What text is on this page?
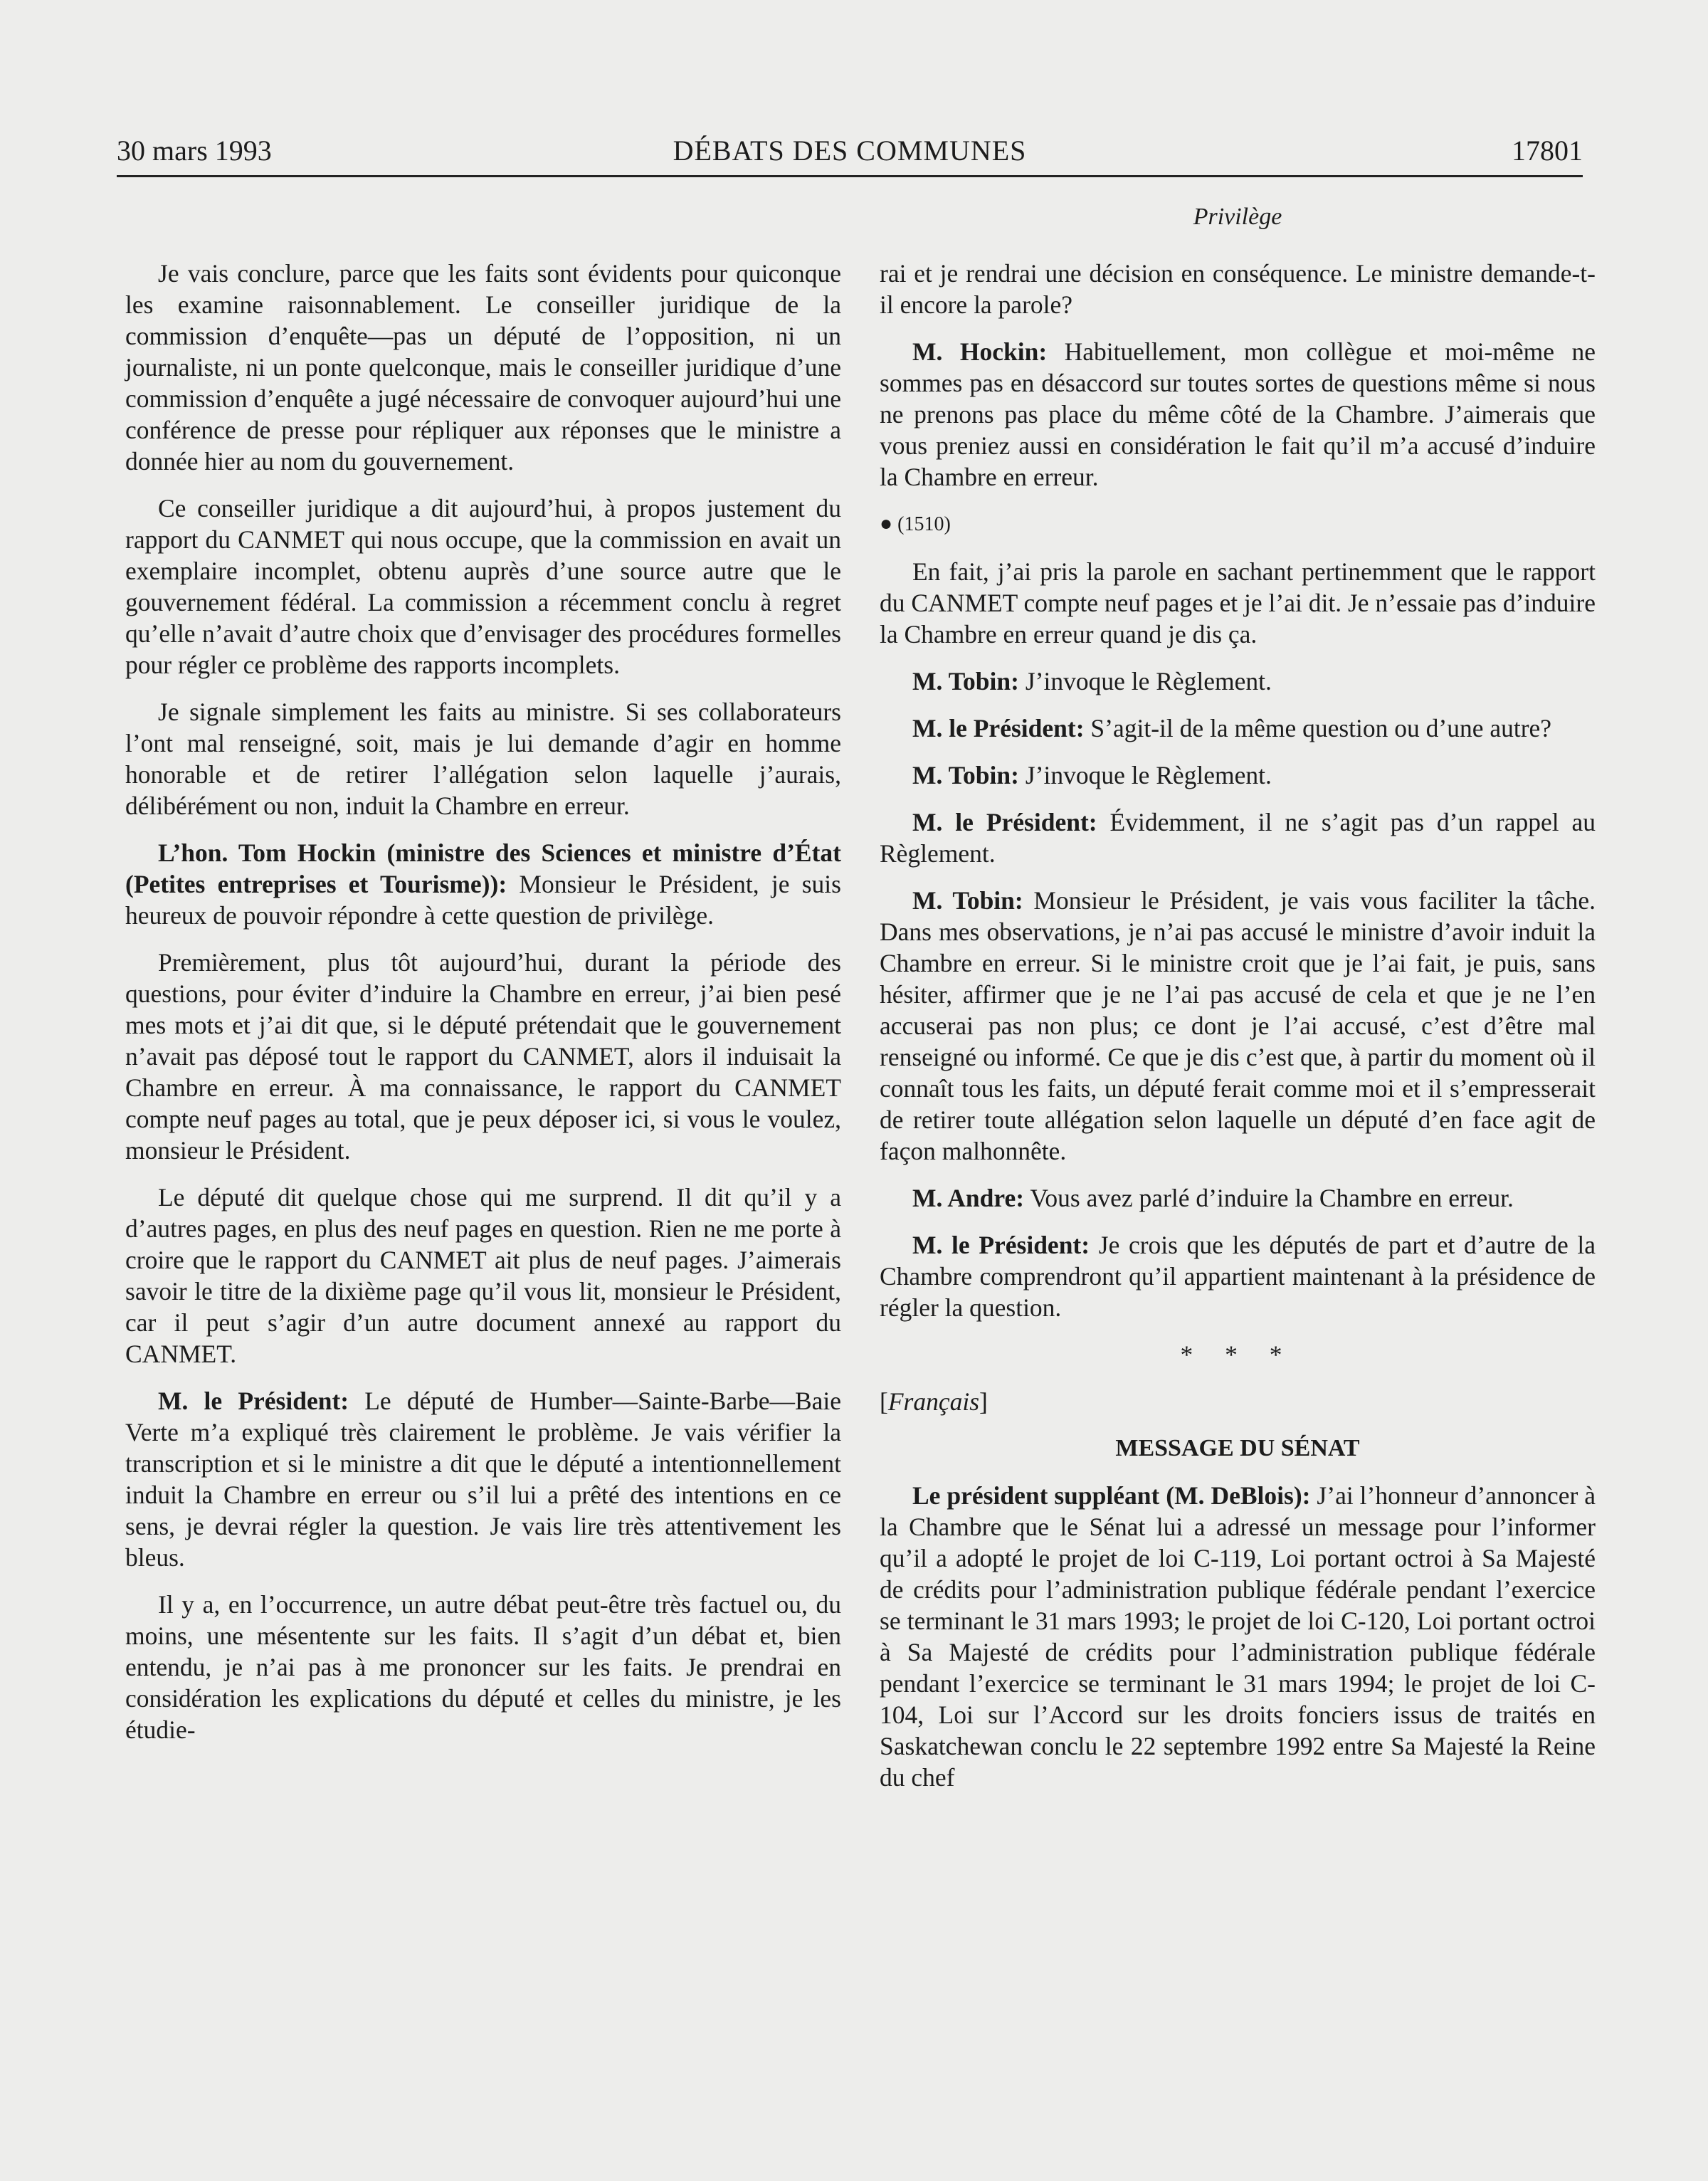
30 mars 1993	DÉBATS DES COMMUNES	17801
Privilège

Je vais conclure, parce que les faits sont évidents pour quiconque les examine raisonnablement. Le conseiller juridique de la commission d’enquête—pas un député de l’opposition, ni un journaliste, ni un ponte quelconque, mais le conseiller juridique d’une commission d’enquête a jugé nécessaire de convoquer aujourd’hui une conférence de presse pour répliquer aux réponses que le ministre a donnée hier au nom du gouvernement.

Ce conseiller juridique a dit aujourd’hui, à propos justement du rapport du CANMET qui nous occupe, que la commission en avait un exemplaire incomplet, obtenu auprès d’une source autre que le gouvernement fédéral. La commission a récemment conclu à regret qu’elle n’avait d’autre choix que d’envisager des procédures formelles pour régler ce problème des rapports incomplets.

Je signale simplement les faits au ministre. Si ses collaborateurs l’ont mal renseigné, soit, mais je lui demande d’agir en homme honorable et de retirer l’allégation selon laquelle j’aurais, délibérément ou non, induit la Chambre en erreur.

L’hon. Tom Hockin (ministre des Sciences et ministre d’État (Petites entreprises et Tourisme)): Monsieur le Président, je suis heureux de pouvoir répondre à cette question de privilège.

Premièrement, plus tôt aujourd’hui, durant la période des questions, pour éviter d’induire la Chambre en erreur, j’ai bien pesé mes mots et j’ai dit que, si le député prétendait que le gouvernement n’avait pas déposé tout le rapport du CANMET, alors il induisait la Chambre en erreur. À ma connaissance, le rapport du CANMET compte neuf pages au total, que je peux déposer ici, si vous le voulez, monsieur le Président.

Le député dit quelque chose qui me surprend. Il dit qu’il y a d’autres pages, en plus des neuf pages en question. Rien ne me porte à croire que le rapport du CANMET ait plus de neuf pages. J’aimerais savoir le titre de la dixième page qu’il vous lit, monsieur le Président, car il peut s’agir d’un autre document annexé au rapport du CANMET.

M. le Président: Le député de Humber—Sainte-Barbe—Baie Verte m’a expliqué très clairement le problème. Je vais vérifier la transcription et si le ministre a dit que le député a intentionnellement induit la Chambre en erreur ou s’il lui a prêté des intentions en ce sens, je devrai régler la question. Je vais lire très attentivement les bleus.

Il y a, en l’occurrence, un autre débat peut-être très factuel ou, du moins, une mésentente sur les faits. Il s’agit d’un débat et, bien entendu, je n’ai pas à me prononcer sur les faits. Je prendrai en considération les explications du député et celles du ministre, je les étudie-

rai et je rendrai une décision en conséquence. Le ministre demande-t-il encore la parole?

M. Hockin: Habituellement, mon collègue et moi-même ne sommes pas en désaccord sur toutes sortes de questions même si nous ne prenons pas place du même côté de la Chambre. J’aimerais que vous preniez aussi en considération le fait qu’il m’a accusé d’induire la Chambre en erreur.

● (1510)

En fait, j’ai pris la parole en sachant pertinemment que le rapport du CANMET compte neuf pages et je l’ai dit. Je n’essaie pas d’induire la Chambre en erreur quand je dis ça.

M. Tobin: J’invoque le Règlement.

M. le Président: S’agit-il de la même question ou d’une autre?

M. Tobin: J’invoque le Règlement.

M. le Président: Évidemment, il ne s’agit pas d’un rappel au Règlement.

M. Tobin: Monsieur le Président, je vais vous faciliter la tâche. Dans mes observations, je n’ai pas accusé le ministre d’avoir induit la Chambre en erreur. Si le ministre croit que je l’ai fait, je puis, sans hésiter, affirmer que je ne l’ai pas accusé de cela et que je ne l’en accuserai pas non plus; ce dont je l’ai accusé, c’est d’être mal renseigné ou informé. Ce que je dis c’est que, à partir du moment où il connaît tous les faits, un député ferait comme moi et il s’empresserait de retirer toute allégation selon laquelle un député d’en face agit de façon malhonnête.

M. Andre: Vous avez parlé d’induire la Chambre en erreur.

M. le Président: Je crois que les députés de part et d’autre de la Chambre comprendront qu’il appartient maintenant à la présidence de régler la question.

* * *

[Français]

MESSAGE DU SÉNAT

Le président suppléant (M. DeBlois): J’ai l’honneur d’annoncer à la Chambre que le Sénat lui a adressé un message pour l’informer qu’il a adopté le projet de loi C-119, Loi portant octroi à Sa Majesté de crédits pour l’administration publique fédérale pendant l’exercice se terminant le 31 mars 1993; le projet de loi C-120, Loi portant octroi à Sa Majesté de crédits pour l’administration publique fédérale pendant l’exercice se terminant le 31 mars 1994; le projet de loi C-104, Loi sur l’Accord sur les droits fonciers issus de traités en Saskatchewan conclu le 22 septembre 1992 entre Sa Majesté la Reine du chef
